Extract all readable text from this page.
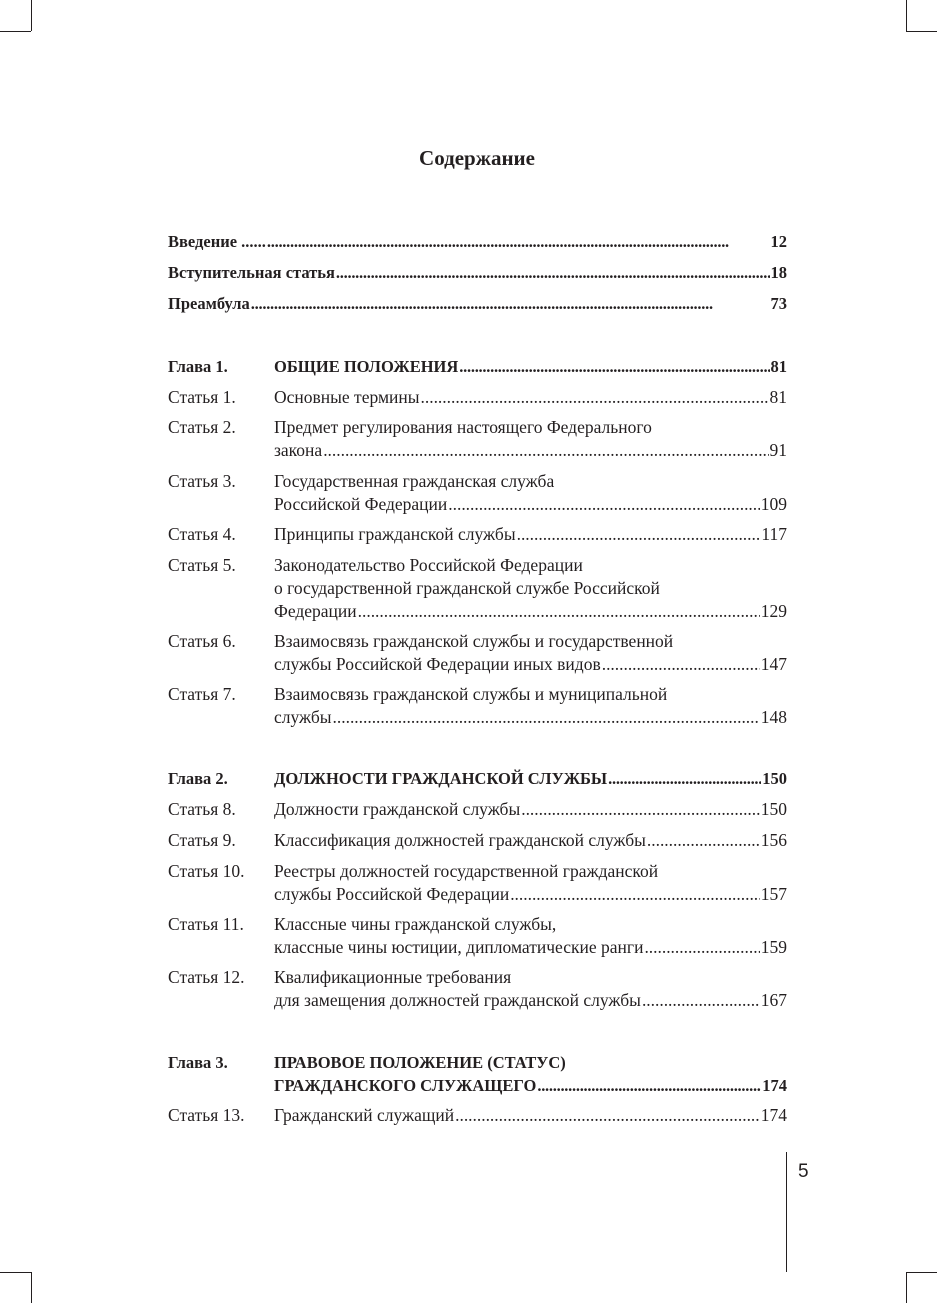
Содержание
Введение ...... . . .	12
Вступительная статья . . .	18
Преамбула . . .	73
Глава 1.	ОБЩИЕ ПОЛОЖЕНИЯ . . .	81
Статья 1. Основные термины . . .	81
Статья 2. Предмет регулирования настоящего Федерального
закона . . .	91
Статья 3. Государственная гражданская служба
Российской Федерации . . .	109
Статья 4. Принципы гражданской службы . . .	117
Статья 5. Законодательство Российской Федерации
о государственной гражданской службе Российской
Федерации . . .	129
Статья 6. Взаимосвязь гражданской службы и государственной
службы Российской Федерации иных видов . . .	147
Статья 7. Взаимосвязь гражданской службы и муниципальной
службы . . .	148
Глава 2.	ДОЛЖНОСТИ ГРАЖДАНСКОЙ СЛУЖБЫ . . .	150
Статья 8. Должности гражданской службы . . .	150
Статья 9. Классификация должностей гражданской службы . . .	156
Статья 10. Реестры должностей государственной гражданской
службы Российской Федерации . . .	157
Статья 11. Классные чины гражданской службы,
классные чины юстиции, дипломатические ранги . . .	159
Статья 12. Квалификационные требования
для замещения должностей гражданской службы . . .	167
Глава 3.	ПРАВОВОЕ ПОЛОЖЕНИЕ (СТАТУС)
ГРАЖДАНСКОГО СЛУЖАЩЕГО . . .	174
Статья 13. Гражданский служащий . . .	174
5
